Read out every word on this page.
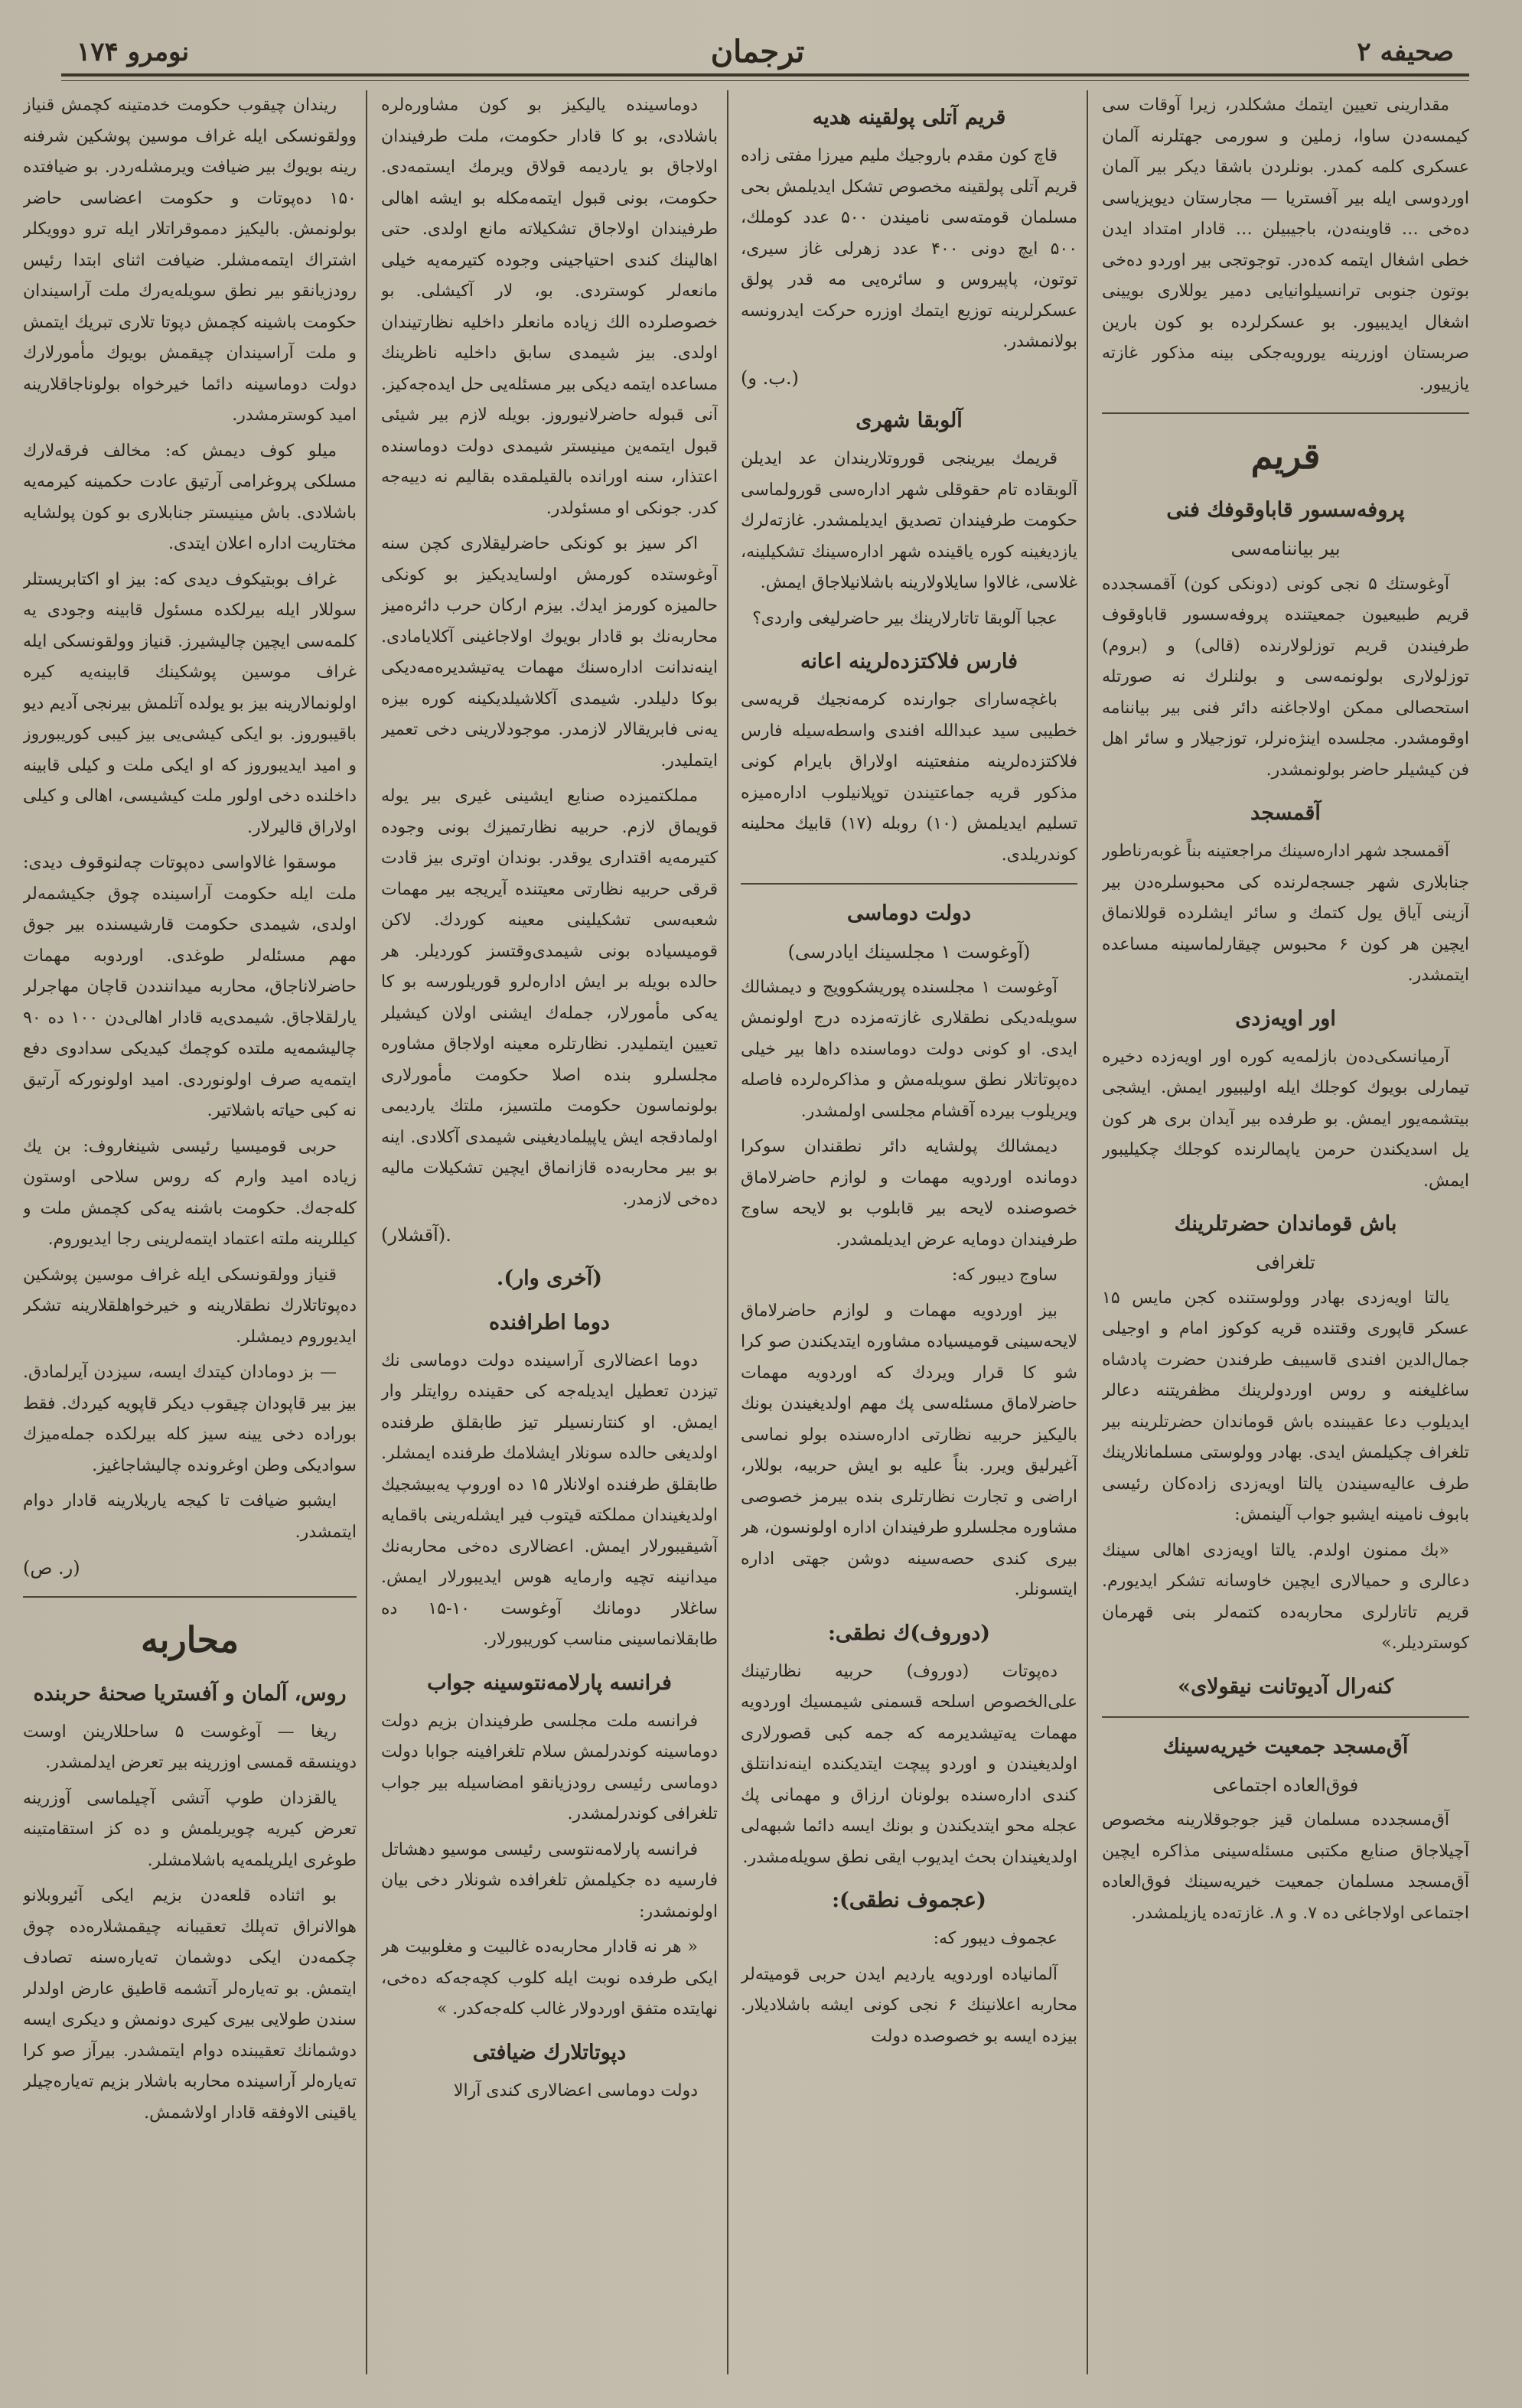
صحیفه ۲
ترجمان
نومرو ۱۷۴

مقدارینی تعیین ایتمك مشكلدر، زیرا آوقات سی كیمسه‌دن ساوا، زملین و سورمی جهتلرنه آلمان عسكری كلمه كمدر. بونلردن باشقا دیكر بیر آلمان اوردوسی ایله بیر آفستریا — مجارستان دیویزیاسی ده‌خی … قاوینه‌دن، باجیبیلن … قادار امتداد ایدن خطی اشغال ایتمه كده‌در. توجوتجی بیر اوردو ده‌خی بوتون جنوبی ترانسیلوانیایی دمیر یوللاری بویینی اشغال ایدیبیور. بو عسكرلرده بو كون بارین صربستان اوزرینه یورویه‌جكی بینه مذكور غازته یازییور.

قریم
پروفه‌سسور قاباوقوفك فنی
بیر بیاننامه‌سی

آوغوستك ۵ نجی كونی (دونكی كون) آقمسجدده قریم طبیعیون جمعیتنده پروفه‌سسور قاباوقوف طرفیندن قریم توزلولارنده (قالی) و (بروم) توزلولاری بولونمه‌سی و بولنلرك نه صورتله استحصالی ممكن اولاجاغنه دائر فنی بیر بیاننامه اوقومشدر. مجلسده اینژه‌نرلر، توزجیلار و سائر اهل فن كیشیلر حاضر بولونمشدر.

آقمسجد

آقمسجد شهر اداره‌سینك مراجعتینه بناً غوبه‌رناطور جنابلاری شهر جسجه‌لرنده كی محبوسلره‌دن بیر آزینی آیاق یول كتمك و سائر ایشلرده قوللانماق ایچین هر كون ۶ محبوس چیقارلماسینه مساعده ایتمشدر.

اور اویه‌زدی

آرمیانسكی‌ده‌ن بازلمه‌یه كوره اور اویه‌زده دخیره تیمارلی بویوك كوجلك ایله اولیبیور ایمش. ایشجی بیتشمه‌یور ایمش. بو طرفده بیر آیدان بری هر كون یل اسدیكندن حرمن یاپمالرنده كوجلك چكیلیبور ایمش.

باش قوماندان حضرتلرینك
تلغرافی

یالتا اویه‌زدی بهادر وولوستنده كجن مایس ۱۵ عسكر قاپوری وقتنده قریه كوكوز امام و اوجیلی جمال‌الدین افندی قاسیبف طرفندن حضرت پادشاه ساغلیغنه و روس اوردولرینك مظفریتنه دعالر ایدیلوب دعا عقیبنده باش قوماندان حضرتلرینه بیر تلغراف چكیلمش ایدی. بهادر وولوستی مسلمانلارینك طرف عالیه‌سیندن یالتا اویه‌زدی زاده‌كان رئیسی بابوف نامینه ایشبو جواب آلینمش:

«بك ممنون اولدم. یالتا اویه‌زدی اهالی سینك دعالری و حمیالاری ایچین خاوسانه تشكر ایدیورم. قریم تاتارلری محاربه‌ده كتمه‌لر بنی قهرمان كوستردیلر.»

كنه‌رال آدیوتانت نیقولای»
آق‌مسجد جمعیت خیریه‌سینك
فوق‌العاده اجتماعی

آق‌مسجدده مسلمان قیز جوجوقلارینه مخصوص آچیلاجاق صنایع مكتبی مسئله‌سینی مذاكره ایچین آق‌مسجد مسلمان جمعیت خیریه‌سینك فوق‌العاده اجتماعی اولاجاغی ده ۷. و ۸. غازته‌ده یازیلمشدر.

قریم آتلی پولقینه هدیه

قاچ كون مقدم باروجیك ملیم میرزا مفتی زاده قریم آتلی پولقینه مخصوص تشكل ایدیلمش بحی مسلمان قومته‌سی نامیندن ۵۰۰ عدد كوملك، ۵۰۰ ایچ دونی ۴۰۰ عدد زهرلی غاز سیری، توتون، پاپیروس و سائره‌یی مه قدر پولق عسكرلرینه توزیع ایتمك اوزره حركت ایدرونسه بولانمشدر.

(ب. و.)
آلوبقا شهری

قریمك بیرینجی قوروتلاریندان عد ایدیلن آلوبقاده تام حقوقلی شهر اداره‌سی قورولماسی حكومت طرفیندان تصدیق ایدیلمشدر. غازته‌لرك یازدیغینه كوره یاقینده شهر اداره‌سینك تشكیلینه، غلاسی، غالاوا سایلاولارینه باشلانیلاجاق ایمش.

عجبا آلوبقا تاتارلارینك بیر حاضرلیغی واردی؟

فارس فلاكتزده‌لرینه اعانه

باغچه‌سارای جوارنده كرمه‌نجیك قریه‌سی خطیبی سید عبدالله افندی واسطه‌سیله فارس فلاكتزده‌لرینه منفعتینه اولاراق بایرام كونی مذكور قریه جماعتیندن توپلانیلوب اداره‌میزه تسلیم ایدیلمش (۱۰) روبله (۱۷) قابیك محلینه كوندریلدی.

دولت دوماسی
(آوغوست ۱ مجلسینك ایادرسی)

آوغوست ۱ مجلسنده پوریشكوویج و دیمشالك سویله‌دیكی نطقلاری غازته‌مزده درج اولونمش ایدی. او كونی دولت دوماسنده داها بیر خیلی ده‌پوتاتلار نطق سویله‌مش و مذاكره‌لرده فاصله ویریلوب بیرده آقشام مجلسی اولمشدر.

دیمشالك پولشایه دائر نطقندان سوكرا دومانده اوردویه مهمات و لوازم حاضرلاماق خصوصنده لایحه بیر قابلوب بو لایحه ساوج طرفیندان دومایه عرض ایدیلمشدر.

ساوج دیبور كه:

بیز اوردویه مهمات و لوازم حاضرلاماق لایحه‌سینی قومیسیاده مشاوره ایتدیكندن صو كرا شو كا قرار ویردك كه اوردویه مهمات حاضرلاماق مسئله‌سی پك مهم اولدیغیندن بونك بالیكیز حربیه نظارتی اداره‌سنده بولو نماسی آغیرلیق ویرر. بناً علیه بو ایش حربیه، بوللار، اراضی و تجارت نظارتلری بنده بیرمز خصوصی مشاوره مجلسلرو طرفیندان اداره اولونسون، هر بیری كندی حصه‌سینه دوشن جهتی اداره ایتسونلر.

(دوروف)‌ك نطقی:

ده‌پوتات (دوروف) حربیه نظارتینك علی‌الخصوص اسلحه قسمنی شیمسیك اوردویه مهمات یه‌تیشدیرمه كه جمه كبی قصورلاری اولدیغیندن و اوردو پیچت ایتدیكنده اینه‌ندانتلق كندی اداره‌سنده بولونان ارزاق و مهمانی پك عجله محو ایتدیكندن و بونك ایسه دائما شبهه‌لی اولدیغیندان بحث ایدیوب ایقی نطق سویله‌مشدر.

(عجموف نطقی):

عجموف دیبور كه:

آلمانیاده اوردویه یاردیم ایدن حربی قومیته‌لر محاربه اعلانینك ۶ نجی كونی ایشه باشلادیلار. بیزده ایسه بو خصوصده دولت

دوماسینده یالیكیز بو كون مشاوره‌لره باشلادی، بو كا قادار حكومت، ملت طرفیندان اولاجاق بو یاردیمه قولاق ویرمك ایستمه‌دی. حكومت، بونی قبول ایتمه‌مكله بو ایشه اهالی طرفیندان اولاجاق تشكیلاته مانع اولدی. حتی اهالینك كندی احتیاجینی وجوده كتیرمه‌یه خیلی مانعه‌لر كوستردی. بو، لار آكیشلی. بو خصوصلرده الك زیاده مانعلر داخلیه نظارتیندان اولدی. بیز شیمدی سابق داخلیه ناظرینك مساعده ایتمه دیكی بیر مسئله‌یی حل ایده‌جه‌كیز. آنی قبوله حاضرلانیوروز. بویله لازم بیر شیئی قبول ایتمه‌ین مینیستر شیمدی دولت دوماسنده اعتذار، سنه اورانده بالقیلمقده بقالیم نه دییه‌جه كدر. جونكی او مسئولدر.

اكر سیز بو كونكی حاضرلیقلاری كچن سنه آوغوستده كورمش اولسایدیكیز بو كونكی حالمیزه كورمز ایدك. بیزم اركان حرب دائره‌میز محاربه‌نك بو قادار بویوك اولاجاغینی آكلایامادی. اینه‌ندانت اداره‌سنك مهمات یه‌تیشدیره‌مه‌دیكی بوكا دلیلدر. شیمدی آكلاشیلدیكینه كوره بیزه یه‌نی فابریقالار لازمدر. موجودلارینی دخی تعمیر ایتملیدر.

مملكتمیزده صنایع ایشینی غیری بیر یوله قویماق لازم. حربیه نظارتمیزك بونی وجوده كتیرمه‌یه اقتداری یوقدر. بوندان اوتری بیز قادت قرقی حربیه نظارتی معیتنده آیریجه بیر مهمات شعبه‌سی تشكیلینی معینه كوردك. لاكن قومیسیاده بونی شیمدی‌وقتسز كوردیلر. هر حالده بویله بر ایش اداره‌لرو قوریلورسه بو كا یه‌كی مأمورلار، جمله‌ك ایشنی اولان كیشیلر تعیین ایتملیدر. نظارتلره معینه اولاجاق مشاوره مجلسلرو بنده اصلا حكومت مأمورلاری بولونماسون حكومت ملتسیز، ملتك یاردیمی اولمادقجه ایش یاپیلمادیغینی شیمدی آكلادی. اینه بو بیر محاربه‌ده قازانماق ایچین تشكیلات مالیه ده‌خی لازمدر.

(آقشلار).
(آخری وار).
دوما اطرافنده

دوما اعضالاری آراسینده دولت دوماسی نك تیزدن تعطیل ایدیله‌جه كی حقینده روایتلر وار ایمش. او كنتارنسیلر تیز طابقلق طرفنده اولدیغی حالده سونلار ایشلامك طرفنده ایمشلر. طابقلق طرفنده اولانلار ۱۵ ده اوروپ یه‌بیشجیك اولدیغیندان مملكته قیتوب فیر ایشله‌رینی باقمایه آشیقیبورلار ایمش. اعضالاری ده‌خی محاربه‌نك میدانینه تچیه وارمایه هوس ایدیبورلار ایمش. ساغلار دومانك آوغوست ۱۰-۱۵ ده طابقلانماسینی مناسب كوریبورلار.

فرانسه پارلامه‌نتوسینه جواب

فرانسه ملت مجلسی طرفیندان بزیم دولت دوماسینه كوندرلمش سلام تلغرافینه جوابا دولت دوماسی رئیسی رودزیانقو امضاسیله بیر جواب تلغرافی كوندرلمشدر.

فرانسه پارلامه‌نتوسی رئیسی موسیو دهشاتل فارسیه ده جكیلمش تلغرافده شونلار دخی بیان اولونمشدر:

« هر نه قادار محاربه‌ده غالبیت و مغلوبیت هر ایكی طرفده نوبت ایله كلوب كچه‌جه‌كه ده‌خی، نهایتده متفق اوردولار غالب كله‌جه‌كدر. »

دپوتاتلارك ضیافتی

دولت دوماسی اعضالاری كندی آرالا

ریندان چیقوب حكومت خدمتینه كچمش قنیاز وولقونسكی ایله غراف موسین پوشكین شرفنه رینه بویوك بیر ضیافت ویرمشله‌ردر. بو ضیافتده ۱۵۰ ده‌پوتات و حكومت اعضاسی حاضر بولونمش. بالیكیز دمموقراتلار ایله ترو دوویكلر اشتراك ایتمه‌مشلر. ضیافت اثنای ابتدا رئیس رودزیانقو بیر نطق سویله‌یه‌رك ملت آراسیندان حكومت باشینه كچمش دپوتا تلاری تبریك ایتمش و ملت آراسیندان چیقمش بویوك مأمورلارك دولت دوماسینه دائما خیرخواه بولوناجاقلارینه امید كوسترمشدر.

میلو كوف دیمش كه: مخالف فرقه‌لارك مسلكی پروغرامی آرتیق عادت حكمینه كیرمه‌یه باشلادی. باش مینیستر جنابلاری بو كون پولشایه مختاریت اداره اعلان ایتدی.

غراف بوبتیكوف دیدی كه: بیز او اكتابریستلر سوللار ایله بیرلكده مسئول قابینه وجودی یه كلمه‌سی ایچین چالیشیرز. قنیاز وولقونسكی ایله غراف موسین پوشكینك قابینه‌یه كیره اولونمالارینه بیز بو یولده آتلمش بیرنجی آدیم دیو باقیبوروز. بو ایكی كیشی‌یی بیز كیبی كوریبوروز و امید ایدیبوروز كه او ایكی ملت و كیلی قابینه داخلنده دخی اولور ملت كیشیسی، اهالی و كیلی اولاراق قالیرلار.

موسقوا غالاواسی ده‌پوتات چه‌لنوقوف دیدی: ملت ایله حكومت آراسینده چوق جكیشمه‌لر اولدی، شیمدی حكومت قارشیسنده بیر جوق مهم مسئله‌لر طوغدی. اوردوبه مهمات حاضرلاناجاق، محاربه میداننددن قاچان مهاجرلر یارلقلاجاق. شیمدی‌یه قادار اهالی‌دن ۱۰۰ ده ۹۰ چالیشمه‌یه ملتده كوچمك كیدیكی سدادوی دفع ایتمه‌یه صرف اولونوردی. امید اولونوركه آرتیق نه كبی حیاته باشلاتیر.

حربی قومیسیا رئیسی شینغاروف: بن یك زیاده امید وارم كه روس سلاحی اوستون كله‌جه‌ك. حكومت باشنه یه‌كی كچمش ملت و كیللرینه ملته اعتماد ایتمه‌لرینی رجا ایدیوروم.

قنیاز وولقونسكی ایله غراف موسین پوشكین ده‌پوتاتلارك نطقلارینه و خیرخواهلقلارینه تشكر ایدیوروم دیمشلر.

— بز دومادان كیتدك ایسه، سیزدن آیرلمادق. بیز بیر قاپودان چیقوب دیكر قاپویه كیردك. فقط بوراده دخی یینه سیز كله بیرلكده جمله‌میزك سوادیكی وطن اوغرونده چالیشاجاغیز.

ایشبو ضیافت تا كیجه یاریلارینه قادار دوام ایتمشدر.

(ر. ص)
محاربه
روس، آلمان و آفستریا صحنۀ حربنده

ریغا — آوغوست ۵ ساحللارینن اوست دوینسقه قمسی اوزرینه بیر تعرض ایدلمشدر.

یالقزدان طوپ آتشی آچیلماسی آوزرینه تعرض كیریه چویریلمش و ده كز استقامتینه طوغری ایلریلمه‌یه باشلامشلر.

بو اثناده قلعه‌دن بزیم ایكی آئیروبلانو هوالانراق ته‌پلك تعقیبانه چیقمشلاره‌ده چوق چكمه‌دن ایكی دوشمان ته‌یاره‌سنه تصادف ایتمش. بو ته‌یاره‌لر آتشمه قاطیق عارض اولدلر سندن طولایی بیری كیری دونمش و دیكری ایسه دوشمانك تعقیبنده دوام ایتمشدر. بیرآز صو كرا ته‌یاره‌لر آراسینده محاربه باشلار بزیم ته‌یاره‌چیلر یاقینی الاوفقه قادار اولاشمش.
